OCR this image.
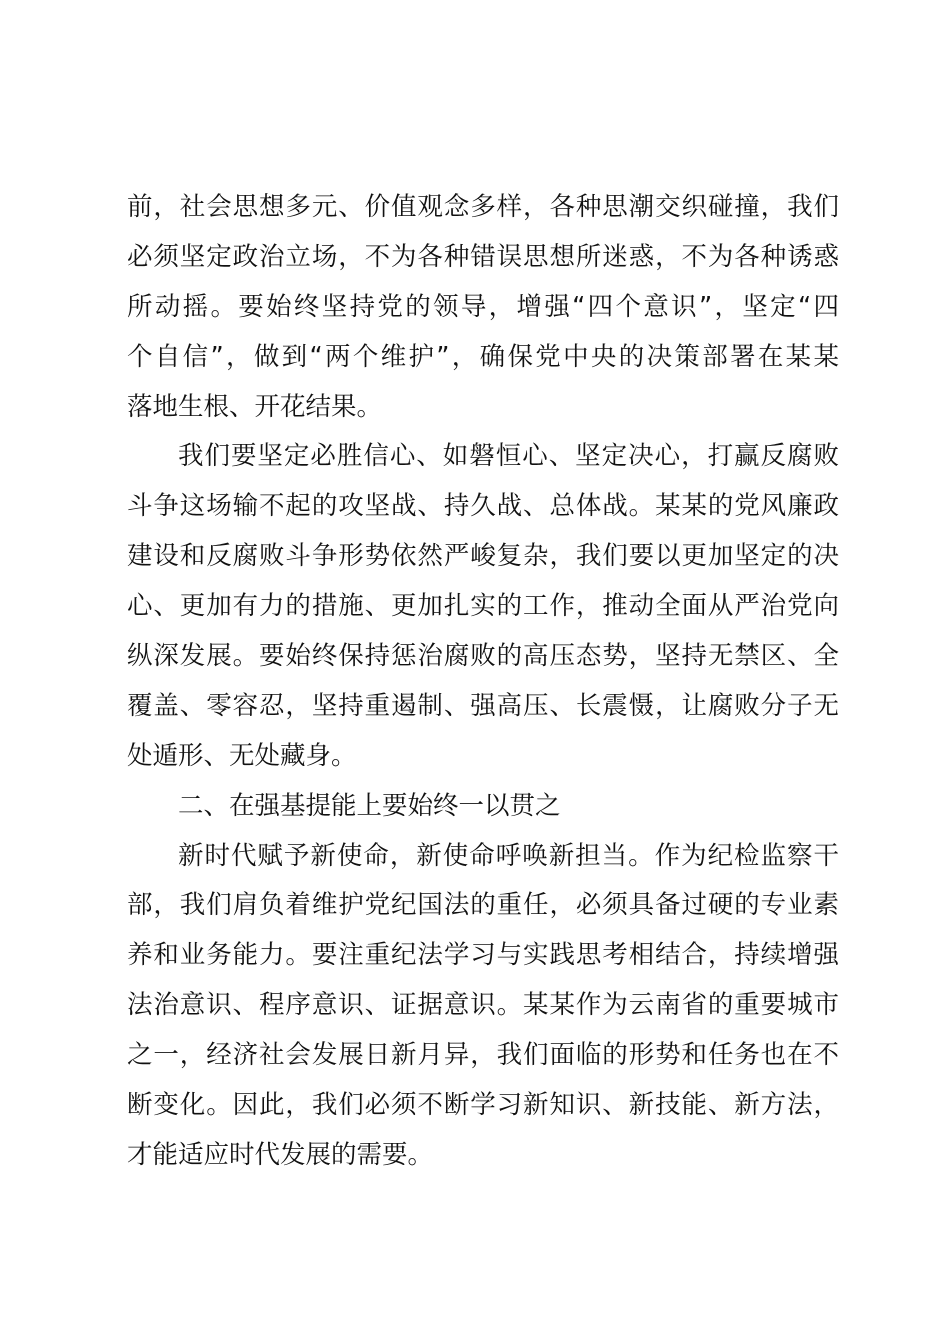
前，社会思想多元、价值观念多样，各种思潮交织碰撞，我们
必须坚定政治立场，不为各种错误思想所迷惑，不为各种诱惑
所动摇。要始终坚持党的领导，增强“四个意识”，坚定“四
个自信”，做到“两个维护”，确保党中央的决策部署在某某
落地生根、开花结果。
我们要坚定必胜信心、如磐恒心、坚定决心，打赢反腐败
斗争这场输不起的攻坚战、持久战、总体战。某某的党风廉政
建设和反腐败斗争形势依然严峻复杂，我们要以更加坚定的决
心、更加有力的措施、更加扎实的工作，推动全面从严治党向
纵深发展。要始终保持惩治腐败的高压态势，坚持无禁区、全
覆盖、零容忍，坚持重遏制、强高压、长震慑，让腐败分子无
处遁形、无处藏身。
二、在强基提能上要始终一以贯之
新时代赋予新使命，新使命呼唤新担当。作为纪检监察干
部，我们肩负着维护党纪国法的重任，必须具备过硬的专业素
养和业务能力。要注重纪法学习与实践思考相结合，持续增强
法治意识、程序意识、证据意识。某某作为云南省的重要城市
之一，经济社会发展日新月异，我们面临的形势和任务也在不
断变化。因此，我们必须不断学习新知识、新技能、新方法，
才能适应时代发展的需要。
